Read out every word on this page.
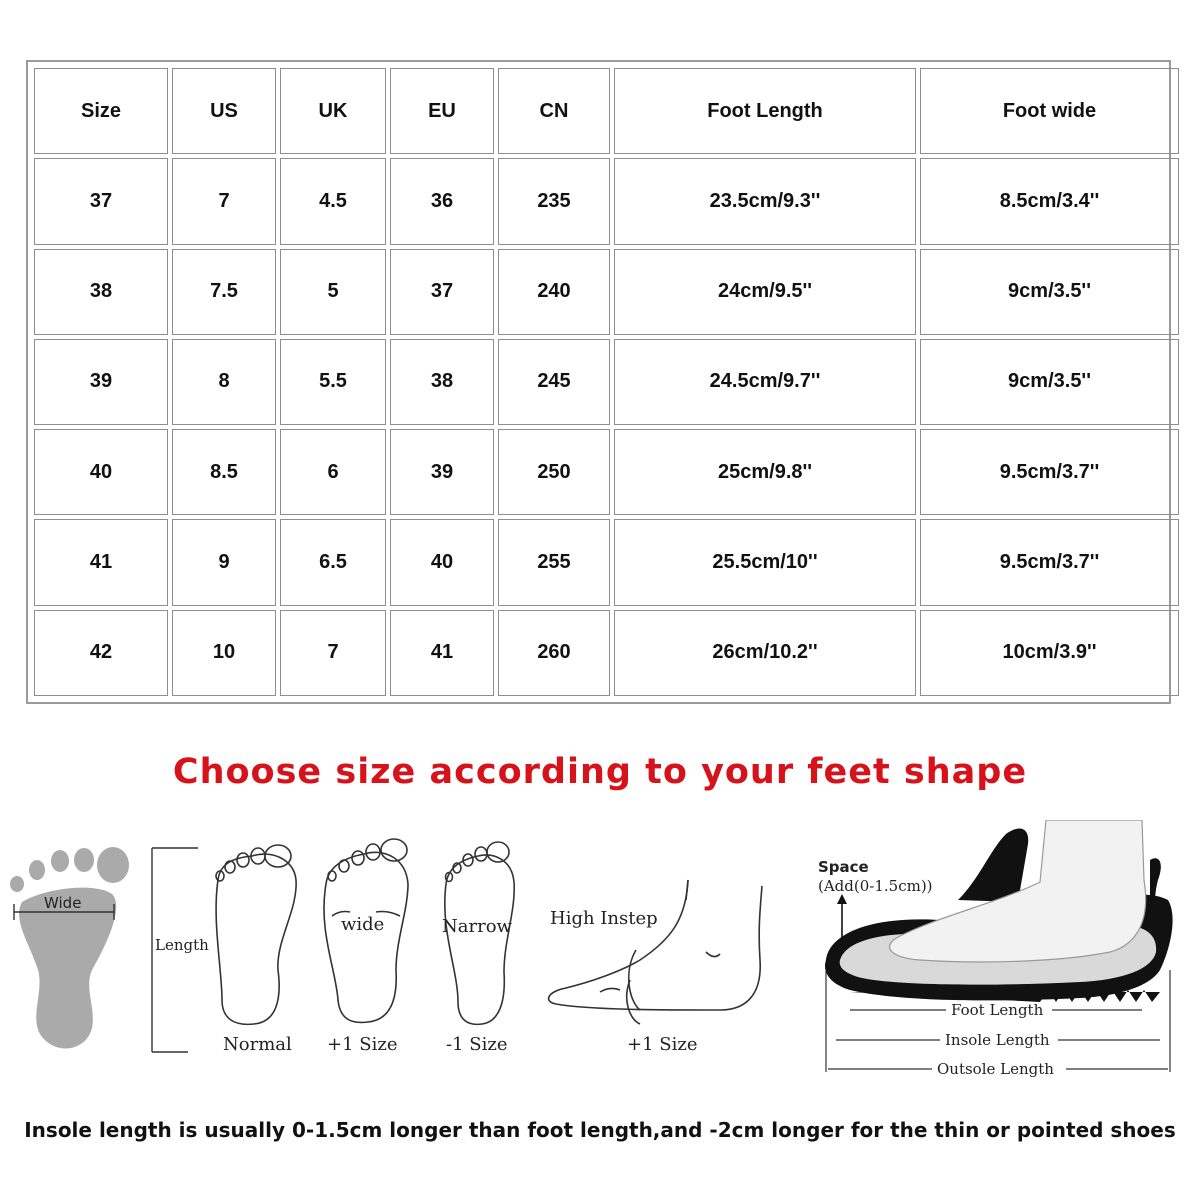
Size	US	UK	EU	CN	Foot Length	Foot wide
37	7	4.5	36	235	23.5cm/9.3''	8.5cm/3.4''
38	7.5	5	37	240	24cm/9.5''	9cm/3.5''
39	8	5.5	38	245	24.5cm/9.7''	9cm/3.5''
40	8.5	6	39	250	25cm/9.8''	9.5cm/3.7''
41	9	6.5	40	255	25.5cm/10''	9.5cm/3.7''
42	10	7	41	260	26cm/10.2''	10cm/3.9''
Choose size according to your feet shape
Wide
Length
Normal
wide
+1 Size
Narrow
-1 Size
High Instep
+1 Size
Space
(Add(0-1.5cm))
Foot Length
Insole Length
Outsole Length
Insole length is usually 0-1.5cm longer than foot length,and -2cm longer for the thin or pointed shoes
